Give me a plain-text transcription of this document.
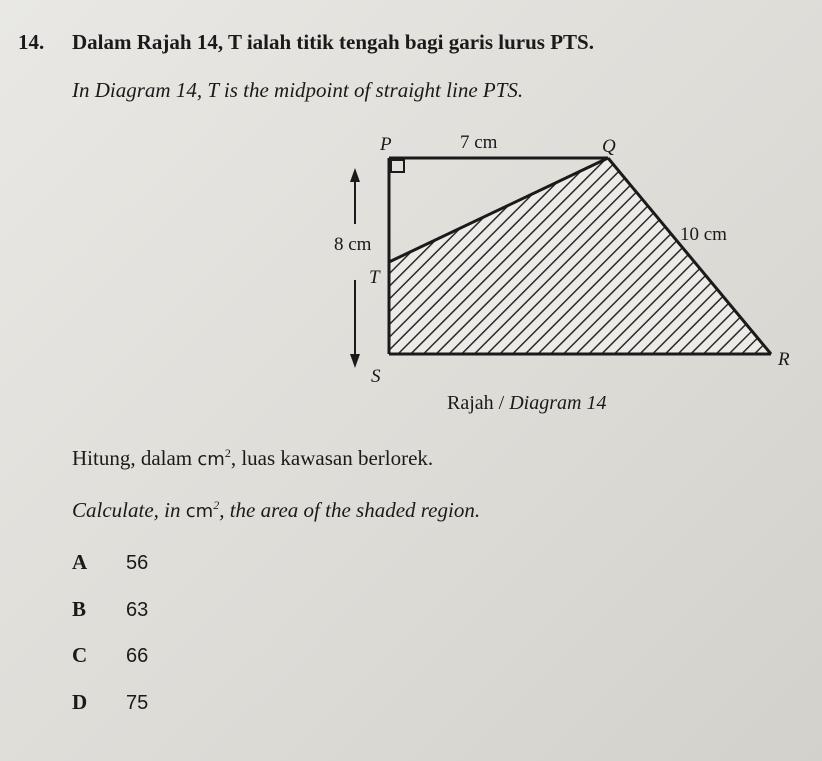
14. Dalam Rajah 14, T ialah titik tengah bagi garis lurus PTS.
In Diagram 14, T is the midpoint of straight line PTS.
P	Q
R
S
T
7 cm
8 cm	10 cm
Rajah / Diagram 14
Hitung, dalam $cm^2$, luas kawasan berlorek.
Calculate, in $cm^2$, the area of the shaded region.
A	56
B	63
C	66
D	75
